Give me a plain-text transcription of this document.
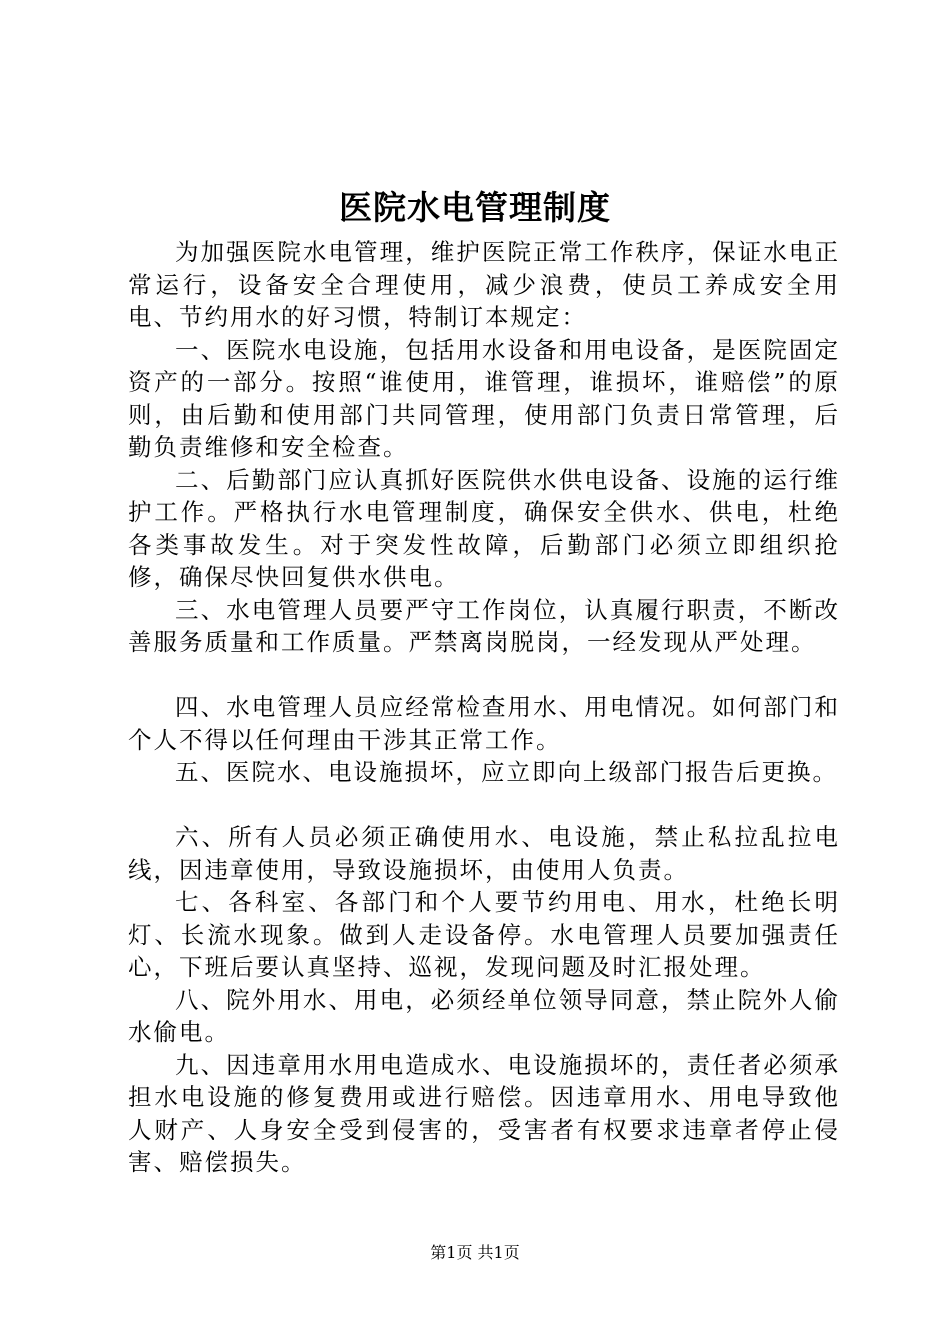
医院水电管理制度

为加强医院水电管理，维护医院正常工作秩序，保证水电正常运行，设备安全合理使用，减少浪费，使员工养成安全用电、节约用水的好习惯，特制订本规定：

一、医院水电设施，包括用水设备和用电设备，是医院固定资产的一部分。按照“谁使用，谁管理，谁损坏，谁赔偿”的原则，由后勤和使用部门共同管理，使用部门负责日常管理，后勤负责维修和安全检查。

二、后勤部门应认真抓好医院供水供电设备、设施的运行维护工作。严格执行水电管理制度，确保安全供水、供电，杜绝各类事故发生。对于突发性故障，后勤部门必须立即组织抢修，确保尽快回复供水供电。

三、水电管理人员要严守工作岗位，认真履行职责，不断改善服务质量和工作质量。严禁离岗脱岗，一经发现从严处理。

四、水电管理人员应经常检查用水、用电情况。如何部门和个人不得以任何理由干涉其正常工作。

五、医院水、电设施损坏，应立即向上级部门报告后更换。

六、所有人员必须正确使用水、电设施，禁止私拉乱拉电线，因违章使用，导致设施损坏，由使用人负责。

七、各科室、各部门和个人要节约用电、用水，杜绝长明灯、长流水现象。做到人走设备停。水电管理人员要加强责任心，下班后要认真坚持、巡视，发现问题及时汇报处理。

八、院外用水、用电，必须经单位领导同意，禁止院外人偷水偷电。

九、因违章用水用电造成水、电设施损坏的，责任者必须承担水电设施的修复费用或进行赔偿。因违章用水、用电导致他人财产、人身安全受到侵害的，受害者有权要求违章者停止侵害、赔偿损失。

第1页 共1页
